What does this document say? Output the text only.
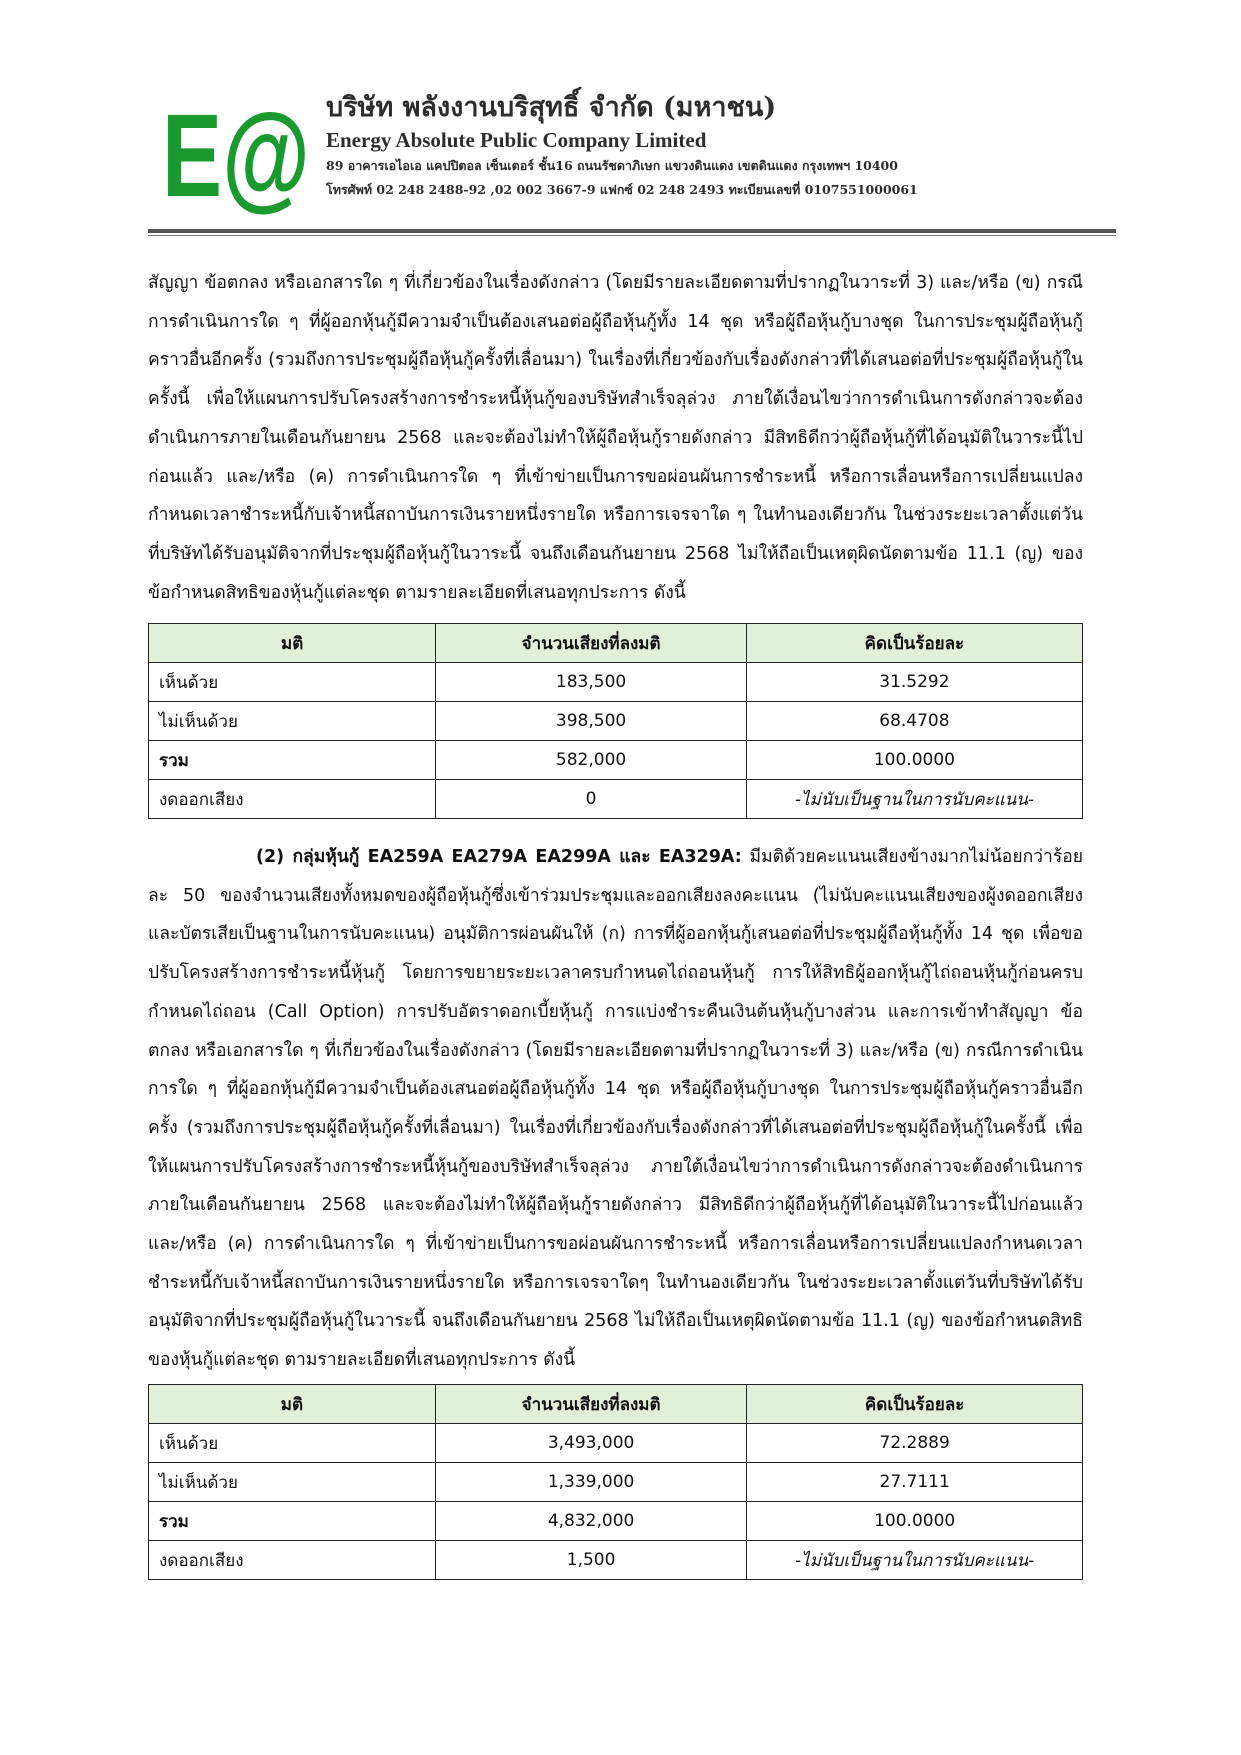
E@ บริษัท พลังงานบริสุทธิ์ จำกัด (มหาชน)
Energy Absolute Public Company Limited
89 อาคารเอไอเอ แคปปิตอล เซ็นเตอร์ ชั้น16 ถนนรัชดาภิเษก แขวงดินแดง เขตดินแดง กรุงเทพฯ 10400
โทรศัพท์ 02 248 2488-92 ,02 002 3667-9 แฟกซ์ 02 248 2493 ทะเบียนเลขที่ 0107551000061
สัญญา ข้อตกลง หรือเอกสารใด ๆ ที่เกี่ยวข้องในเรื่องดังกล่าว (โดยมีรายละเอียดตามที่ปรากฏในวาระที่ 3) และ/หรือ (ข) กรณีการดำเนินการใด ๆ ที่ผู้ออกหุ้นกู้มีความจำเป็นต้องเสนอต่อผู้ถือหุ้นกู้ทั้ง 14 ชุด หรือผู้ถือหุ้นกู้บางชุด ในการประชุมผู้ถือหุ้นกู้คราวอื่นอีกครั้ง (รวมถึงการประชุมผู้ถือหุ้นกู้ครั้งที่เลื่อนมา) ในเรื่องที่เกี่ยวข้องกับเรื่องดังกล่าวที่ได้เสนอต่อที่ประชุมผู้ถือหุ้นกู้ในครั้งนี้ เพื่อให้แผนการปรับโครงสร้างการชำระหนี้หุ้นกู้ของบริษัทสำเร็จลุล่วง ภายใต้เงื่อนไขว่าการดำเนินการดังกล่าวจะต้องดำเนินการภายในเดือนกันยายน 2568 และจะต้องไม่ทำให้ผู้ถือหุ้นกู้รายดังกล่าว มีสิทธิดีกว่าผู้ถือหุ้นกู้ที่ได้อนุมัติในวาระนี้ไปก่อนแล้ว และ/หรือ (ค) การดำเนินการใด ๆ ที่เข้าข่ายเป็นการขอผ่อนผันการชำระหนี้ หรือการเลื่อนหรือการเปลี่ยนแปลงกำหนดเวลาชำระหนี้กับเจ้าหนี้สถาบันการเงินรายหนึ่งรายใด หรือการเจรจาใด ๆ ในทำนองเดียวกัน ในช่วงระยะเวลาตั้งแต่วันที่บริษัทได้รับอนุมัติจากที่ประชุมผู้ถือหุ้นกู้ในวาระนี้ จนถึงเดือนกันยายน 2568 ไม่ให้ถือเป็นเหตุผิดนัดตามข้อ 11.1 (ญ) ของข้อกำหนดสิทธิของหุ้นกู้แต่ละชุด ตามรายละเอียดที่เสนอทุกประการ ดังนี้
มติ	จำนวนเสียงที่ลงมติ	คิดเป็นร้อยละ
เห็นด้วย	183,500	31.5292
ไม่เห็นด้วย	398,500	68.4708
รวม	582,000	100.0000
งดออกเสียง	0	-ไม่นับเป็นฐานในการนับคะแนน-
(2) กลุ่มหุ้นกู้ EA259A EA279A EA299A และ EA329A: มีมติด้วยคะแนนเสียงข้างมากไม่น้อยกว่าร้อยละ 50 ของจำนวนเสียงทั้งหมดของผู้ถือหุ้นกู้ซึ่งเข้าร่วมประชุมและออกเสียงลงคะแนน (ไม่นับคะแนนเสียงของผู้งดออกเสียงและบัตรเสียเป็นฐานในการนับคะแนน) อนุมัติการผ่อนผันให้ (ก) การที่ผู้ออกหุ้นกู้เสนอต่อที่ประชุมผู้ถือหุ้นกู้ทั้ง 14 ชุด เพื่อขอปรับโครงสร้างการชำระหนี้หุ้นกู้ โดยการขยายระยะเวลาครบกำหนดไถ่ถอนหุ้นกู้ การให้สิทธิผู้ออกหุ้นกู้ไถ่ถอนหุ้นกู้ก่อนครบกำหนดไถ่ถอน (Call Option) การปรับอัตราดอกเบี้ยหุ้นกู้ การแบ่งชำระคืนเงินต้นหุ้นกู้บางส่วน และการเข้าทำสัญญา ข้อตกลง หรือเอกสารใด ๆ ที่เกี่ยวข้องในเรื่องดังกล่าว (โดยมีรายละเอียดตามที่ปรากฏในวาระที่ 3) และ/หรือ (ข) กรณีการดำเนินการใด ๆ ที่ผู้ออกหุ้นกู้มีความจำเป็นต้องเสนอต่อผู้ถือหุ้นกู้ทั้ง 14 ชุด หรือผู้ถือหุ้นกู้บางชุด ในการประชุมผู้ถือหุ้นกู้คราวอื่นอีกครั้ง (รวมถึงการประชุมผู้ถือหุ้นกู้ครั้งที่เลื่อนมา) ในเรื่องที่เกี่ยวข้องกับเรื่องดังกล่าวที่ได้เสนอต่อที่ประชุมผู้ถือหุ้นกู้ในครั้งนี้ เพื่อให้แผนการปรับโครงสร้างการชำระหนี้หุ้นกู้ของบริษัทสำเร็จลุล่วง ภายใต้เงื่อนไขว่าการดำเนินการดังกล่าวจะต้องดำเนินการภายในเดือนกันยายน 2568 และจะต้องไม่ทำให้ผู้ถือหุ้นกู้รายดังกล่าว มีสิทธิดีกว่าผู้ถือหุ้นกู้ที่ได้อนุมัติในวาระนี้ไปก่อนแล้ว และ/หรือ (ค) การดำเนินการใด ๆ ที่เข้าข่ายเป็นการขอผ่อนผันการชำระหนี้ หรือการเลื่อนหรือการเปลี่ยนแปลงกำหนดเวลาชำระหนี้กับเจ้าหนี้สถาบันการเงินรายหนึ่งรายใด หรือการเจรจาใดๆ ในทำนองเดียวกัน ในช่วงระยะเวลาตั้งแต่วันที่บริษัทได้รับอนุมัติจากที่ประชุมผู้ถือหุ้นกู้ในวาระนี้ จนถึงเดือนกันยายน 2568 ไม่ให้ถือเป็นเหตุผิดนัดตามข้อ 11.1 (ญ) ของข้อกำหนดสิทธิของหุ้นกู้แต่ละชุด ตามรายละเอียดที่เสนอทุกประการ ดังนี้
มติ	จำนวนเสียงที่ลงมติ	คิดเป็นร้อยละ
เห็นด้วย	3,493,000	72.2889
ไม่เห็นด้วย	1,339,000	27.7111
รวม	4,832,000	100.0000
งดออกเสียง	1,500	-ไม่นับเป็นฐานในการนับคะแนน-
